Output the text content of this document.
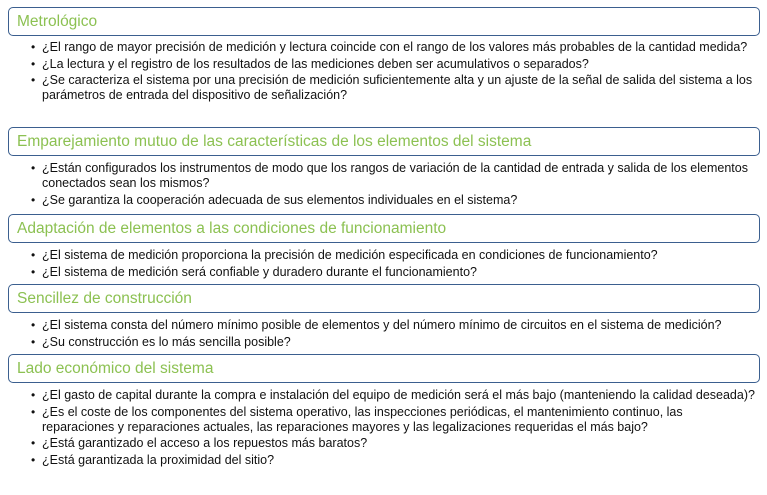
Metrológico
• ¿El rango de mayor precisión de medición y lectura coincide con el rango de los valores más probables de la cantidad medida?
• ¿La lectura y el registro de los resultados de las mediciones deben ser acumulativos o separados?
• ¿Se caracteriza el sistema por una precisión de medición suficientemente alta y un ajuste de la señal de salida del sistema a los parámetros de entrada del dispositivo de señalización?
Emparejamiento mutuo de las características de los elementos del sistema
• ¿Están configurados los instrumentos de modo que los rangos de variación de la cantidad de entrada y salida de los elementos conectados sean los mismos?
• ¿Se garantiza la cooperación adecuada de sus elementos individuales en el sistema?
Adaptación de elementos a las condiciones de funcionamiento
• ¿El sistema de medición proporciona la precisión de medición especificada en condiciones de funcionamiento?
• ¿El sistema de medición será confiable y duradero durante el funcionamiento?
Sencillez de construcción
• ¿El sistema consta del número mínimo posible de elementos y del número mínimo de circuitos en el sistema de medición?
• ¿Su construcción es lo más sencilla posible?
Lado económico del sistema
• ¿El gasto de capital durante la compra e instalación del equipo de medición será el más bajo (manteniendo la calidad deseada)?
• ¿Es el coste de los componentes del sistema operativo, las inspecciones periódicas, el mantenimiento continuo, las reparaciones y reparaciones actuales, las reparaciones mayores y las legalizaciones requeridas el más bajo?
• ¿Está garantizado el acceso a los repuestos más baratos?
• ¿Está garantizada la proximidad del sitio?
